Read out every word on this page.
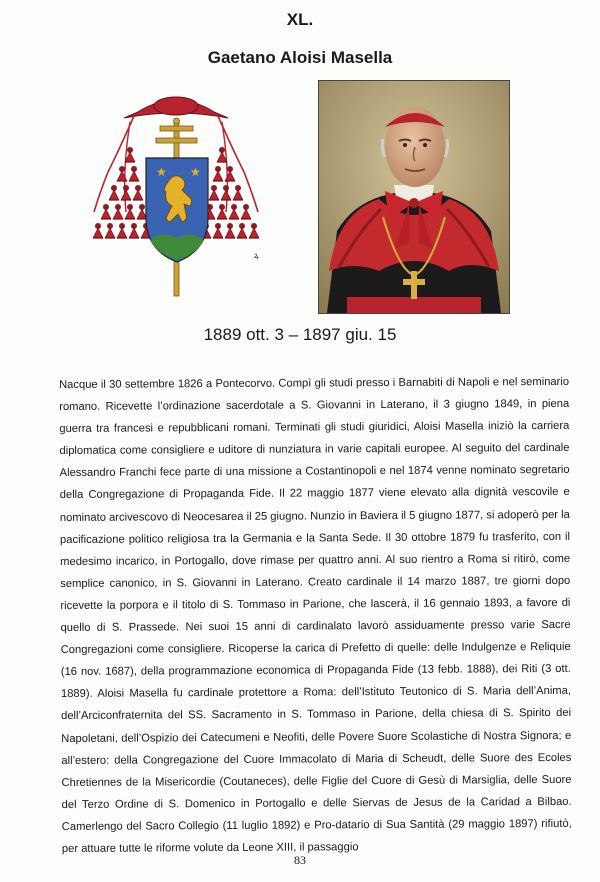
XL.
Gaetano Aloisi Masella
★ ★
ꝝ
1889 ott. 3 – 1897 giu. 15
Nacque il 30 settembre 1826 a Pontecorvo. Compì gli studi presso i Barnabiti di Napoli e nel seminario romano. Ricevette l’ordinazione sacerdotale a S. Giovanni in Laterano, il 3 giugno 1849, in piena guerra tra francesi e repubblicani romani. Terminati gli studi giuridici, Aloisi Masella iniziò la carriera diplomatica come consigliere e uditore di nunziatura in varie capitali europee. Al seguito del cardinale Alessandro Franchi fece parte di una missione a Costantinopoli e nel 1874 venne nominato segretario della Congregazione di Propaganda Fide. Il 22 maggio 1877 viene elevato alla dignità vescovile e nominato arcivescovo di Neocesarea il 25 giugno. Nunzio in Baviera il 5 giugno 1877, si adoperò per la pacificazione politico religiosa tra la Germania e la Santa Sede. Il 30 ottobre 1879 fu trasferito, con il medesimo incarico, in Portogallo, dove rimase per quattro anni. Al suo rientro a Roma si ritirò, come semplice canonico, in S. Giovanni in Laterano. Creato cardinale il 14 marzo 1887, tre giorni dopo ricevette la porpora e il titolo di S. Tommaso in Parione, che lascerà, il 16 gennaio 1893, a favore di quello di S. Prassede. Nei suoi 15 anni di cardinalato lavorò assiduamente presso varie Sacre Congregazioni come consigliere. Ricoperse la carica di Prefetto di quelle: delle Indulgenze e Reliquie (16 nov. 1687), della programmazione economica di Propaganda Fide (13 febb. 1888), dei Riti (3 ott. 1889). Aloisi Masella fu cardinale protettore a Roma: dell’Istituto Teutonico di S. Maria dell’Anima, dell’Arciconfraternita del SS. Sacramento in S. Tommaso in Parione, della chiesa di S. Spirito dei Napoletani, dell’Ospizio dei Catecumeni e Neofiti, delle Povere Suore Scolastiche di Nostra Signora; e all’estero: della Congregazione del Cuore Immacolato di Maria di Scheudt, delle Suore des Ecoles Chretiennes de la Misericordie (Coutaneces), delle Figlie del Cuore di Gesù di Marsiglia, delle Suore del Terzo Ordine di S. Domenico in Portogallo e delle Siervas de Jesus de la Caridad a Bilbao. Camerlengo del Sacro Collegio (11 luglio 1892) e Pro-datario di Sua Santità (29 maggio 1897) rifiutò, per attuare tutte le riforme volute da Leone XIII, il passaggio
83
